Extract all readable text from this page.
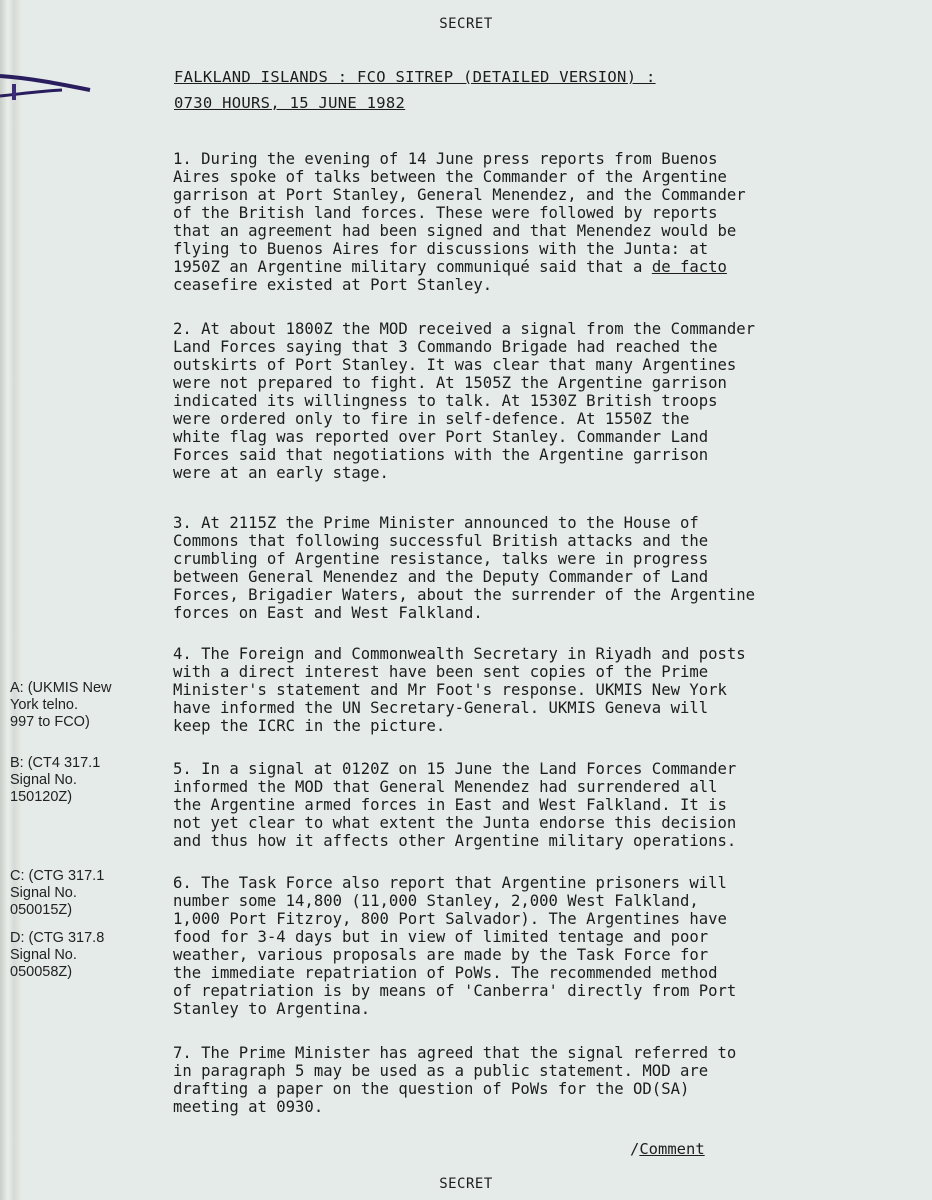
SECRET
FALKLAND ISLANDS : FCO SITREP (DETAILED VERSION) :
0730 HOURS, 15 JUNE 1982

1. During the evening of 14 June press reports from Buenos
Aires spoke of talks between the Commander of the Argentine
garrison at Port Stanley, General Menendez, and the Commander
of the British land forces. These were followed by reports
that an agreement had been signed and that Menendez would be
flying to Buenos Aires for discussions with the Junta: at
1950Z an Argentine military communiqué said that a de facto
ceasefire existed at Port Stanley.

2. At about 1800Z the MOD received a signal from the Commander
Land Forces saying that 3 Commando Brigade had reached the
outskirts of Port Stanley. It was clear that many Argentines
were not prepared to fight. At 1505Z the Argentine garrison
indicated its willingness to talk. At 1530Z British troops
were ordered only to fire in self-defence. At 1550Z the
white flag was reported over Port Stanley. Commander Land
Forces said that negotiations with the Argentine garrison
were at an early stage.

3. At 2115Z the Prime Minister announced to the House of
Commons that following successful British attacks and the
crumbling of Argentine resistance, talks were in progress
between General Menendez and the Deputy Commander of Land
Forces, Brigadier Waters, about the surrender of the Argentine
forces on East and West Falkland.

4. The Foreign and Commonwealth Secretary in Riyadh and posts
with a direct interest have been sent copies of the Prime
Minister's statement and Mr Foot's response. UKMIS New York
have informed the UN Secretary-General. UKMIS Geneva will
keep the ICRC in the picture.

5. In a signal at 0120Z on 15 June the Land Forces Commander
informed the MOD that General Menendez had surrendered all
the Argentine armed forces in East and West Falkland. It is
not yet clear to what extent the Junta endorse this decision
and thus how it affects other Argentine military operations.

6. The Task Force also report that Argentine prisoners will
number some 14,800 (11,000 Stanley, 2,000 West Falkland,
1,000 Port Fitzroy, 800 Port Salvador). The Argentines have
food for 3-4 days but in view of limited tentage and poor
weather, various proposals are made by the Task Force for
the immediate repatriation of PoWs. The recommended method
of repatriation is by means of 'Canberra' directly from Port
Stanley to Argentina.

7. The Prime Minister has agreed that the signal referred to
in paragraph 5 may be used as a public statement. MOD are
drafting a paper on the question of PoWs for the OD(SA)
meeting at 0930.

A: (UKMIS New
York telno.
997 to FCO)
B: (CT4 317.1
Signal No.
150120Z)
C: (CTG 317.1
Signal No.
050015Z)
D: (CTG 317.8
Signal No.
050058Z)
/Comment
SECRET
